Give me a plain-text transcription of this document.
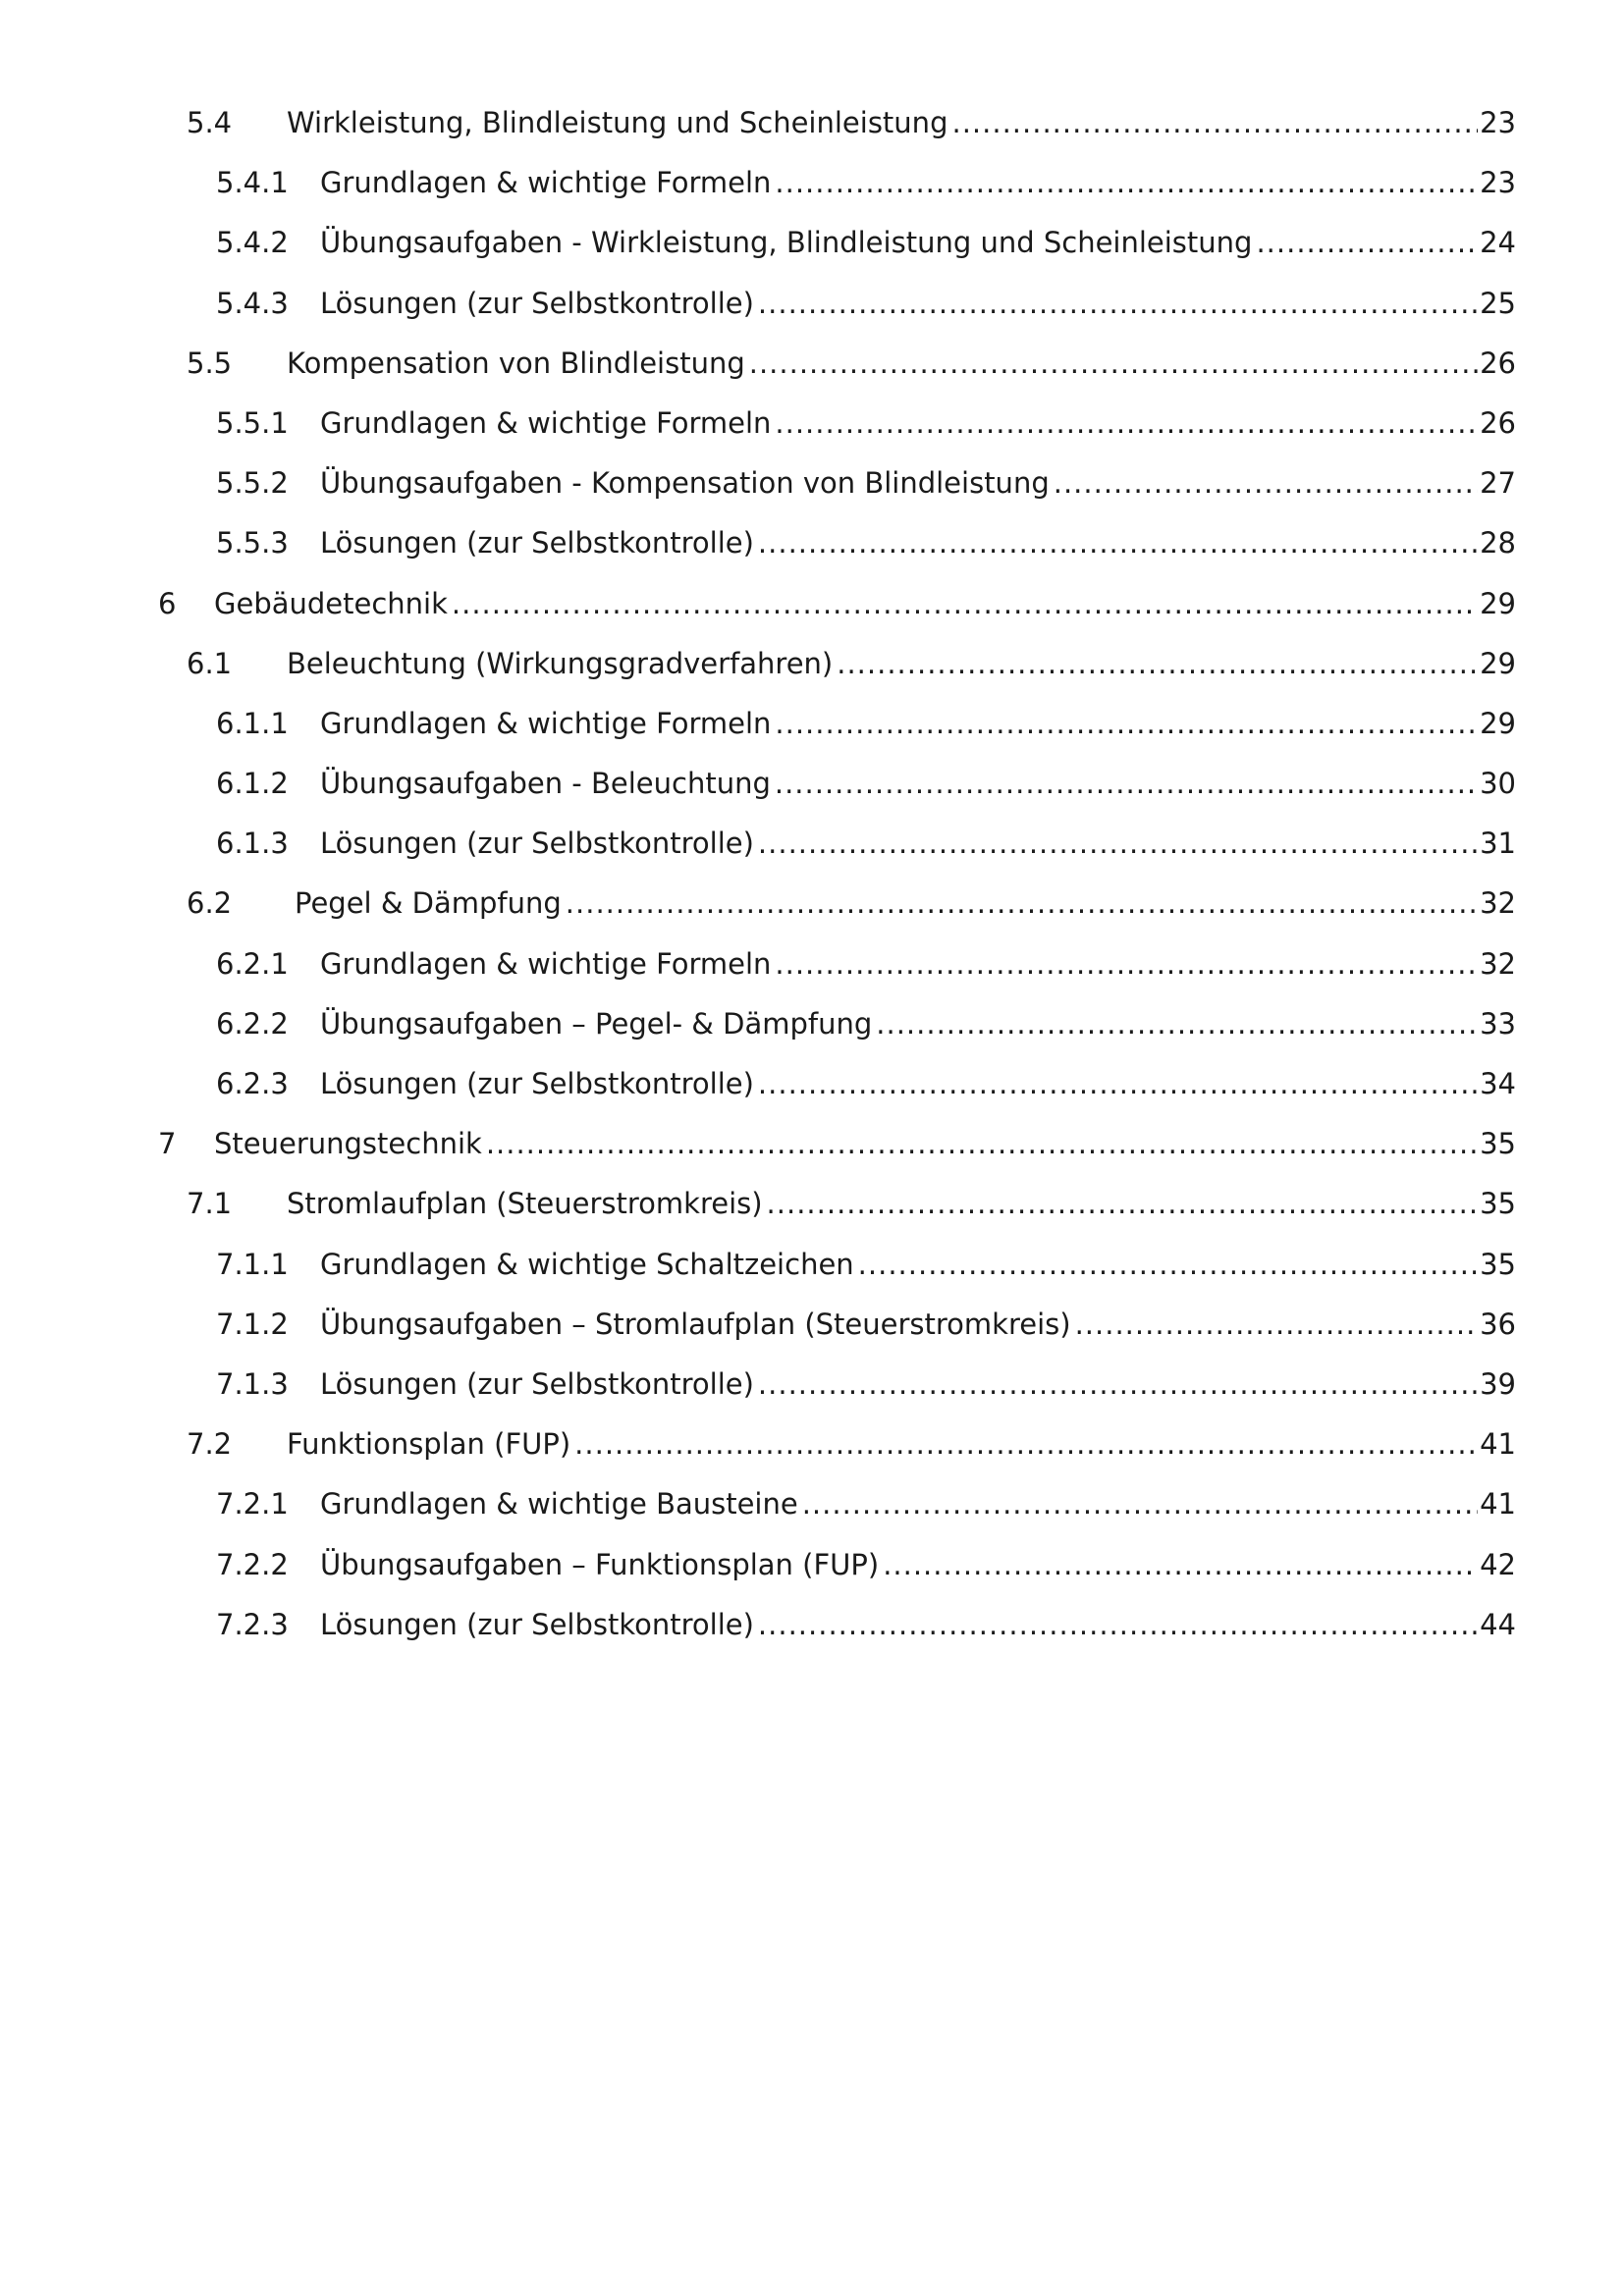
5.4 Wirkleistung, Blindleistung und Scheinleistung .....	23
5.4.1 Grundlagen & wichtige Formeln .....	23
5.4.2 Übungsaufgaben - Wirkleistung, Blindleistung und Scheinleistung .....	24
5.4.3 Lösungen (zur Selbstkontrolle) .....	25
5.5 Kompensation von Blindleistung .....	26
5.5.1 Grundlagen & wichtige Formeln .....	26
5.5.2 Übungsaufgaben - Kompensation von Blindleistung .....	27
5.5.3 Lösungen (zur Selbstkontrolle) .....	28
6 Gebäudetechnik .....	29
6.1 Beleuchtung (Wirkungsgradverfahren) .....	29
6.1.1 Grundlagen & wichtige Formeln .....	29
6.1.2 Übungsaufgaben - Beleuchtung .....	30
6.1.3 Lösungen (zur Selbstkontrolle) .....	31
6.2 Pegel & Dämpfung .....	32
6.2.1 Grundlagen & wichtige Formeln .....	32
6.2.2 Übungsaufgaben – Pegel- & Dämpfung .....	33
6.2.3 Lösungen (zur Selbstkontrolle) .....	34
7 Steuerungstechnik .....	35
7.1 Stromlaufplan (Steuerstromkreis) .....	35
7.1.1 Grundlagen & wichtige Schaltzeichen .....	35
7.1.2 Übungsaufgaben – Stromlaufplan (Steuerstromkreis) .....	36
7.1.3 Lösungen (zur Selbstkontrolle) .....	39
7.2 Funktionsplan (FUP) .....	41
7.2.1 Grundlagen & wichtige Bausteine .....	41
7.2.2 Übungsaufgaben – Funktionsplan (FUP) .....	42
7.2.3 Lösungen (zur Selbstkontrolle) .....	44
